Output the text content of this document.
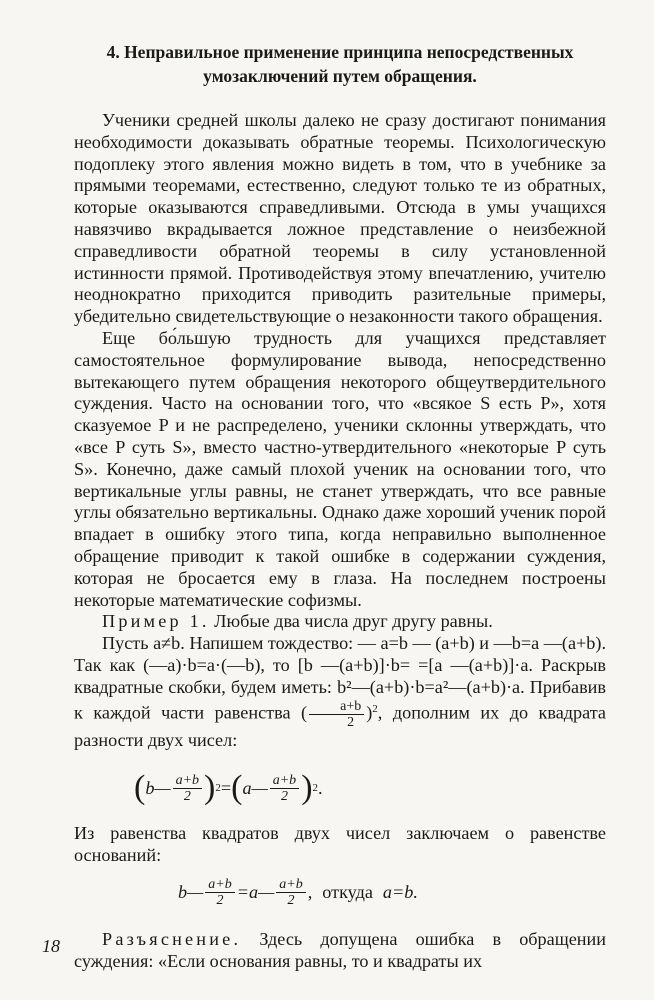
4. Неправильное применение принципа непосредственных
умозаключений путем обращения.

Ученики средней школы далеко не сразу достигают понимания необходимости доказывать обратные теоремы. Психологическую подоплеку этого явления можно видеть в том, что в учебнике за прямыми теоремами, естественно, следуют только те из обратных, которые оказываются справедливыми. Отсюда в умы учащихся навязчиво вкрадывается ложное представление о неизбежной справедливости обратной теоремы в силу установленной истинности прямой. Противодействуя этому впечатлению, учителю неоднократно приходится приводить разительные примеры, убедительно свидетельствующие о незаконности такого обращения.

Еще бо́льшую трудность для учащихся представляет самостоятельное формулирование вывода, непосредственно вытекающего путем обращения некоторого общеутвердительного суждения. Часто на основании того, что «всякое S есть P», хотя сказуемое P и не распределено, ученики склонны утверждать, что «все P суть S», вместо частно-утвердительного «некоторые P суть S». Конечно, даже самый плохой ученик на основании того, что вертикальные углы равны, не станет утверждать, что все равные углы обязательно вертикальны. Однако даже хороший ученик порой впадает в ошибку этого типа, когда неправильно выполненное обращение приводит к такой ошибке в содержании суждения, которая не бросается ему в глаза. На последнем построены некоторые математические софизмы.

Пример 1. Любые два числа друг другу равны.

Пусть a≠b. Напишем тождество: — a=b — (a+b) и —b=a —(a+b). Так как (—a)·b=a·(—b), то [b —(a+b)]·b= =[a —(a+b)]·a. Раскрыв квадратные скобки, будем иметь: b²—(a+b)·b=a²—(a+b)·a. Прибавив к каждой части равенства ( $\frac{a+b}{2} )^2$, дополним их до квадрата разности двух чисел:

( b— $\frac{a+b}{2}$ ) 2 = ( a— $\frac{a+b}{2}$ ) 2 .

Из равенства квадратов двух чисел заключаем о равенстве оснований:

b— $\frac{a+b}{2}$ =a— $\frac{a+b}{2}$ , откуда a=b.

Разъяснение. Здесь допущена ошибка в обращении суждения: «Если основания равны, то и квадраты их

18
